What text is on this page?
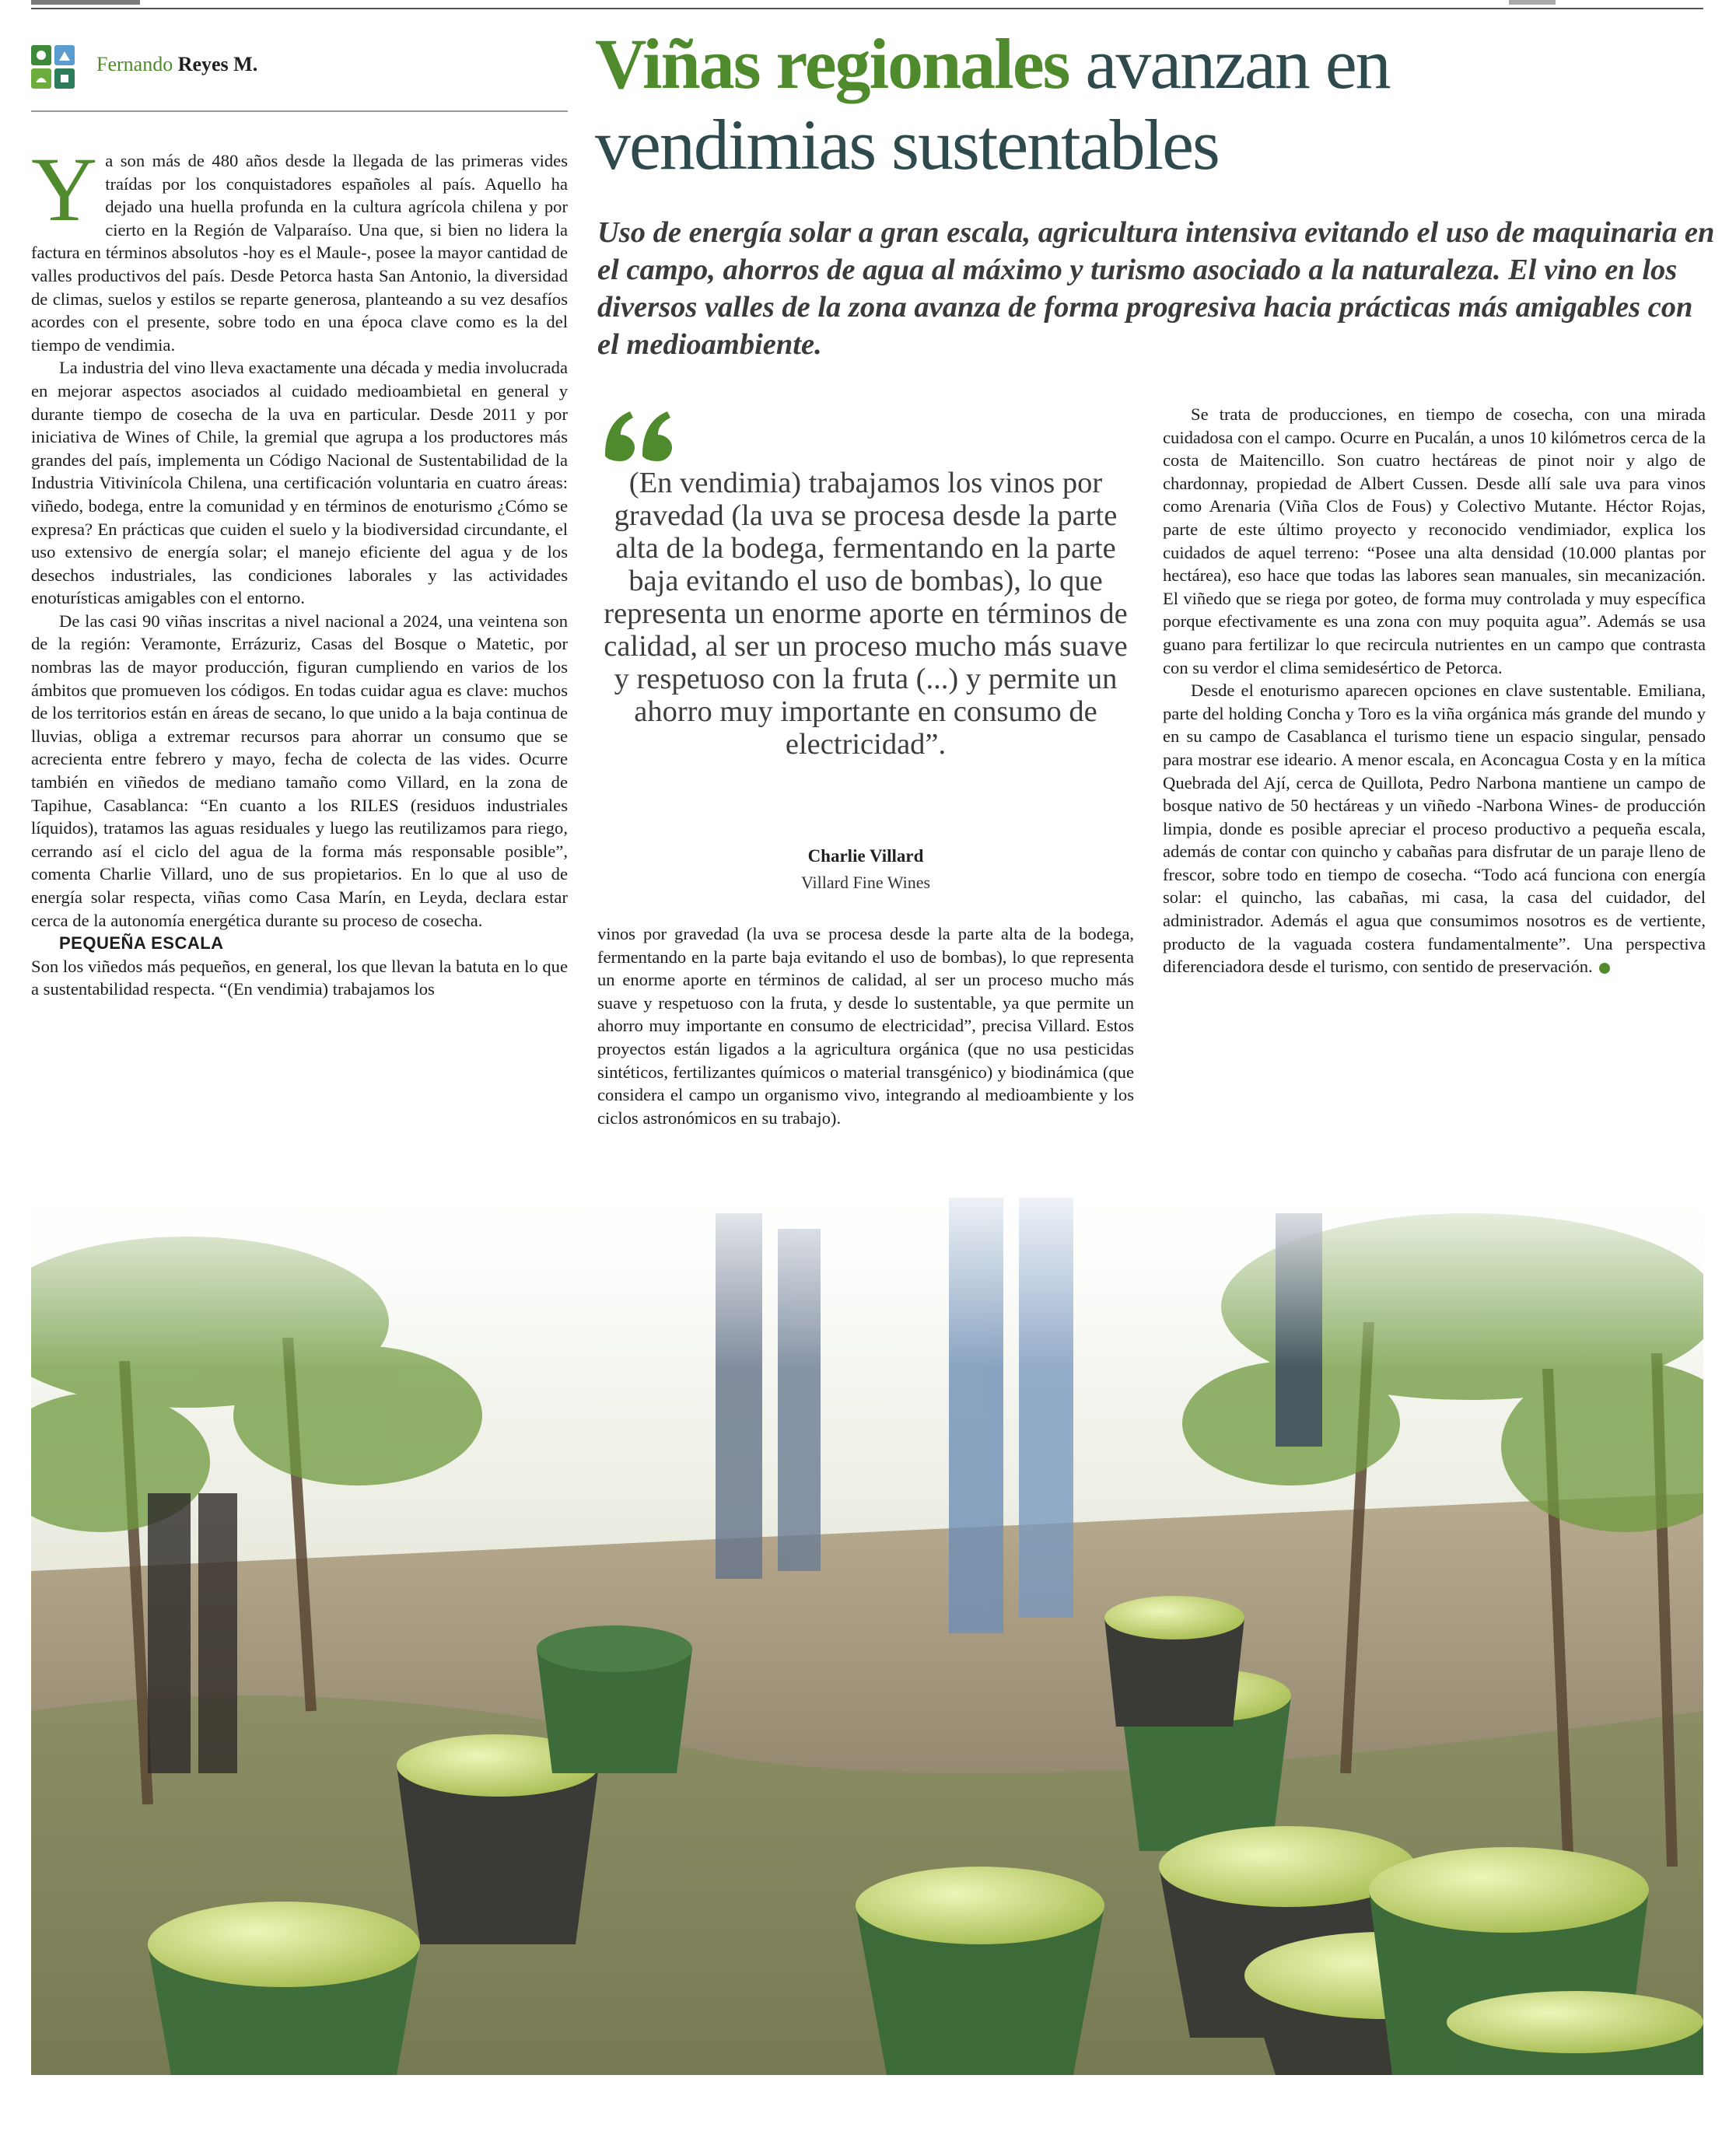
Fernando Reyes M.	Viñas regionales avanzan en
vendimias sustentables
Uso de energía solar a gran escala, agricultura intensiva evitando el uso de maquinaria en el campo, ahorros de agua al máximo y turismo asociado a la naturaleza. El vino en los diversos valles de la zona avanza de forma progresiva hacia prácticas más amigables con el medioambiente.

Ya son más de 480 años desde la llegada de las primeras vides traídas por los conquistadores españoles al país. Aquello ha dejado una huella profunda en la cultura agrícola chilena y por cierto en la Región de Valparaíso. Una que, si bien no lidera la factura en términos absolutos -hoy es el Maule-, posee la mayor cantidad de valles productivos del país. Desde Petorca hasta San Antonio, la diversidad de climas, suelos y estilos se reparte generosa, planteando a su vez desafíos acordes con el presente, sobre todo en una época clave como es la del tiempo de vendimia.

La industria del vino lleva exactamente una década y media involucrada en mejorar aspectos asociados al cuidado medioambietal en general y durante tiempo de cosecha de la uva en particular. Desde 2011 y por iniciativa de Wines of Chile, la gremial que agrupa a los productores más grandes del país, implementa un Código Nacional de Sustentabilidad de la Industria Vitivinícola Chilena, una certificación voluntaria en cuatro áreas: viñedo, bodega, entre la comunidad y en términos de enoturismo ¿Cómo se expresa? En prácticas que cuiden el suelo y la biodiversidad circundante, el uso extensivo de energía solar; el manejo eficiente del agua y de los desechos industriales, las condiciones laborales y las actividades enoturísticas amigables con el entorno.

De las casi 90 viñas inscritas a nivel nacional a 2024, una veintena son de la región: Veramonte, Errázuriz, Casas del Bosque o Matetic, por nombras las de mayor producción, figuran cumpliendo en varios de los ámbitos que promueven los códigos. En todas cuidar agua es clave: muchos de los territorios están en áreas de secano, lo que unido a la baja continua de lluvias, obliga a extremar recursos para ahorrar un consumo que se acrecienta entre febrero y mayo, fecha de colecta de las vides. Ocurre también en viñedos de mediano tamaño como Villard, en la zona de Tapihue, Casablanca: “En cuanto a los RILES (residuos industriales líquidos), tratamos las aguas residuales y luego las reutilizamos para riego, cerrando así el ciclo del agua de la forma más responsable posible”, comenta Charlie Villard, uno de sus propietarios. En lo que al uso de energía solar respecta, viñas como Casa Marín, en Leyda, declara estar cerca de la autonomía energética durante su proceso de cosecha.

PEQUEÑA ESCALA

Son los viñedos más pequeños, en general, los que llevan la batuta en lo que a sustentabilidad respecta. “(En vendimia) trabajamos los

(En vendimia) trabajamos los vinos por gravedad (la uva se procesa desde la parte alta de la bodega, fermentando en la parte baja evitando el uso de bombas), lo que representa un enorme aporte en términos de calidad, al ser un proceso mucho más suave y respetuoso con la fruta (...) y permite un ahorro muy importante en consumo de electricidad”.
Charlie Villard
Villard Fine Wines

vinos por gravedad (la uva se procesa desde la parte alta de la bodega, fermentando en la parte baja evitando el uso de bombas), lo que representa un enorme aporte en términos de calidad, al ser un proceso mucho más suave y respetuoso con la fruta, y desde lo sustentable, ya que permite un ahorro muy importante en consumo de electricidad”, precisa Villard. Estos proyectos están ligados a la agricultura orgánica (que no usa pesticidas sintéticos, fertilizantes químicos o material transgénico) y biodinámica (que considera el campo un organismo vivo, integrando al medioambiente y los ciclos astronómicos en su trabajo).

Se trata de producciones, en tiempo de cosecha, con una mirada cuidadosa con el campo. Ocurre en Pucalán, a unos 10 kilómetros cerca de la costa de Maitencillo. Son cuatro hectáreas de pinot noir y algo de chardonnay, propiedad de Albert Cussen. Desde allí sale uva para vinos como Arenaria (Viña Clos de Fous) y Colectivo Mutante. Héctor Rojas, parte de este último proyecto y reconocido vendimiador, explica los cuidados de aquel terreno: “Posee una alta densidad (10.000 plantas por hectárea), eso hace que todas las labores sean manuales, sin mecanización. El viñedo que se riega por goteo, de forma muy controlada y muy específica porque efectivamente es una zona con muy poquita agua”. Además se usa guano para fertilizar lo que recircula nutrientes en un campo que contrasta con su verdor el clima semidesértico de Petorca.

Desde el enoturismo aparecen opciones en clave sustentable. Emiliana, parte del holding Concha y Toro es la viña orgánica más grande del mundo y en su campo de Casablanca el turismo tiene un espacio singular, pensado para mostrar ese ideario. A menor escala, en Aconcagua Costa y en la mítica Quebrada del Ají, cerca de Quillota, Pedro Narbona mantiene un campo de bosque nativo de 50 hectáreas y un viñedo -Narbona Wines- de producción limpia, donde es posible apreciar el proceso productivo a pequeña escala, además de contar con quincho y cabañas para disfrutar de un paraje lleno de frescor, sobre todo en tiempo de cosecha. “Todo acá funciona con energía solar: el quincho, las cabañas, mi casa, la casa del cuidador, del administrador. Además el agua que consumimos nosotros es de vertiente, producto de la vaguada costera fundamentalmente”. Una perspectiva diferenciadora desde el turismo, con sentido de preservación.
